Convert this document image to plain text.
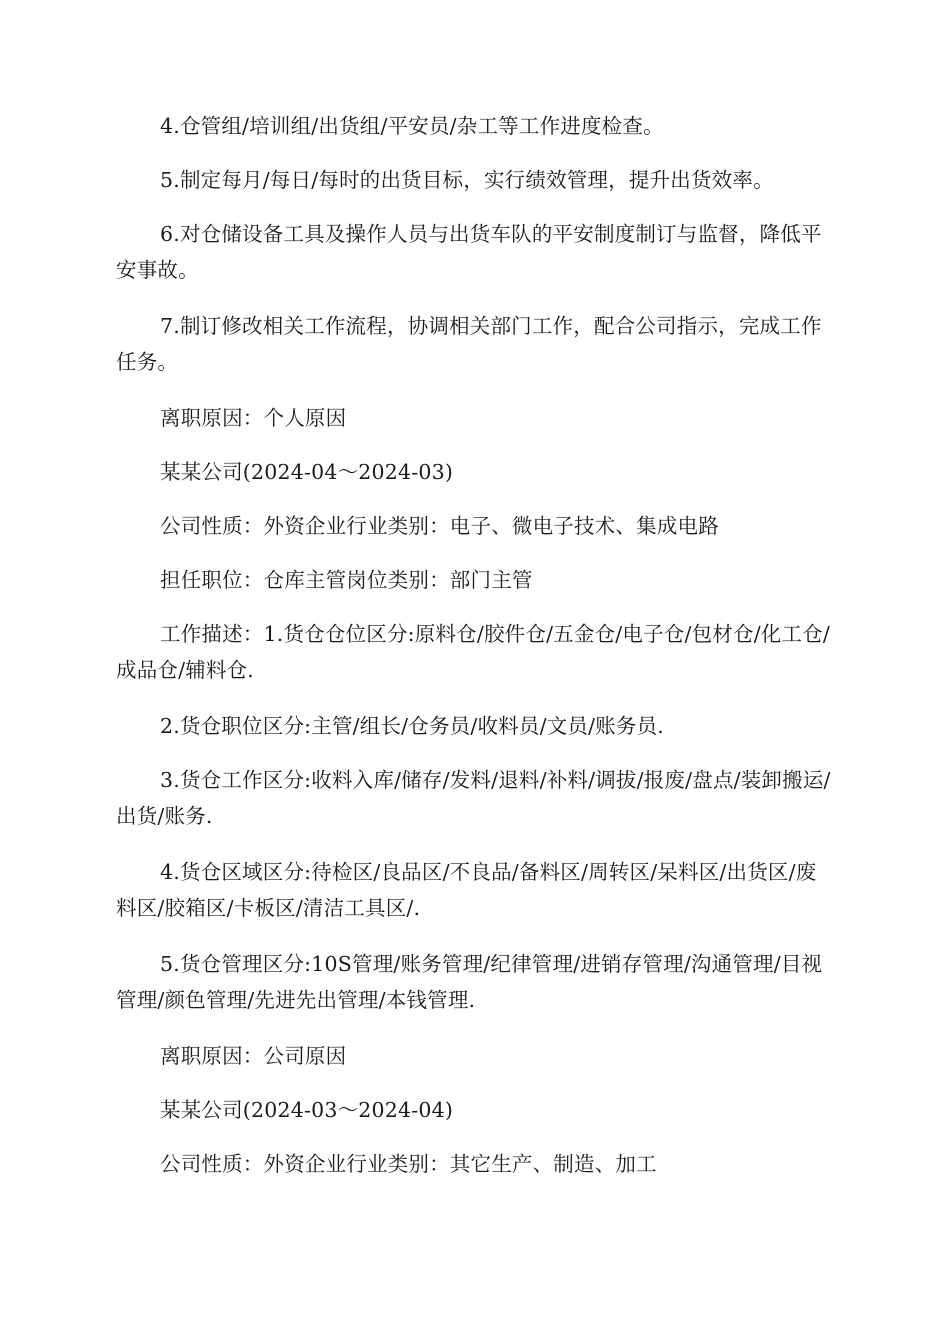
4.仓管组/培训组/出货组/平安员/杂工等工作进度检查。

5.制定每月/每日/每时的出货目标，实行绩效管理，提升出货效率。

6.对仓储设备工具及操作人员与出货车队的平安制度制订与监督，降低平安事故。

7.制订修改相关工作流程，协调相关部门工作，配合公司指示，完成工作任务。

离职原因：个人原因

某某公司(2024-04～2024-03)

公司性质：外资企业行业类别：电子、微电子技术、集成电路

担任职位：仓库主管岗位类别：部门主管

工作描述：1.货仓仓位区分:原料仓/胶件仓/五金仓/电子仓/包材仓/化工仓/成品仓/辅料仓.

2.货仓职位区分:主管/组长/仓务员/收料员/文员/账务员.

3.货仓工作区分:收料入库/储存/发料/退料/补料/调拔/报废/盘点/装卸搬运/出货/账务.

4.货仓区域区分:待检区/良品区/不良品/备料区/周转区/呆料区/出货区/废料区/胶箱区/卡板区/清洁工具区/.

5.货仓管理区分:10S管理/账务管理/纪律管理/进销存管理/沟通管理/目视管理/颜色管理/先进先出管理/本钱管理.

离职原因：公司原因

某某公司(2024-03～2024-04)

公司性质：外资企业行业类别：其它生产、制造、加工
